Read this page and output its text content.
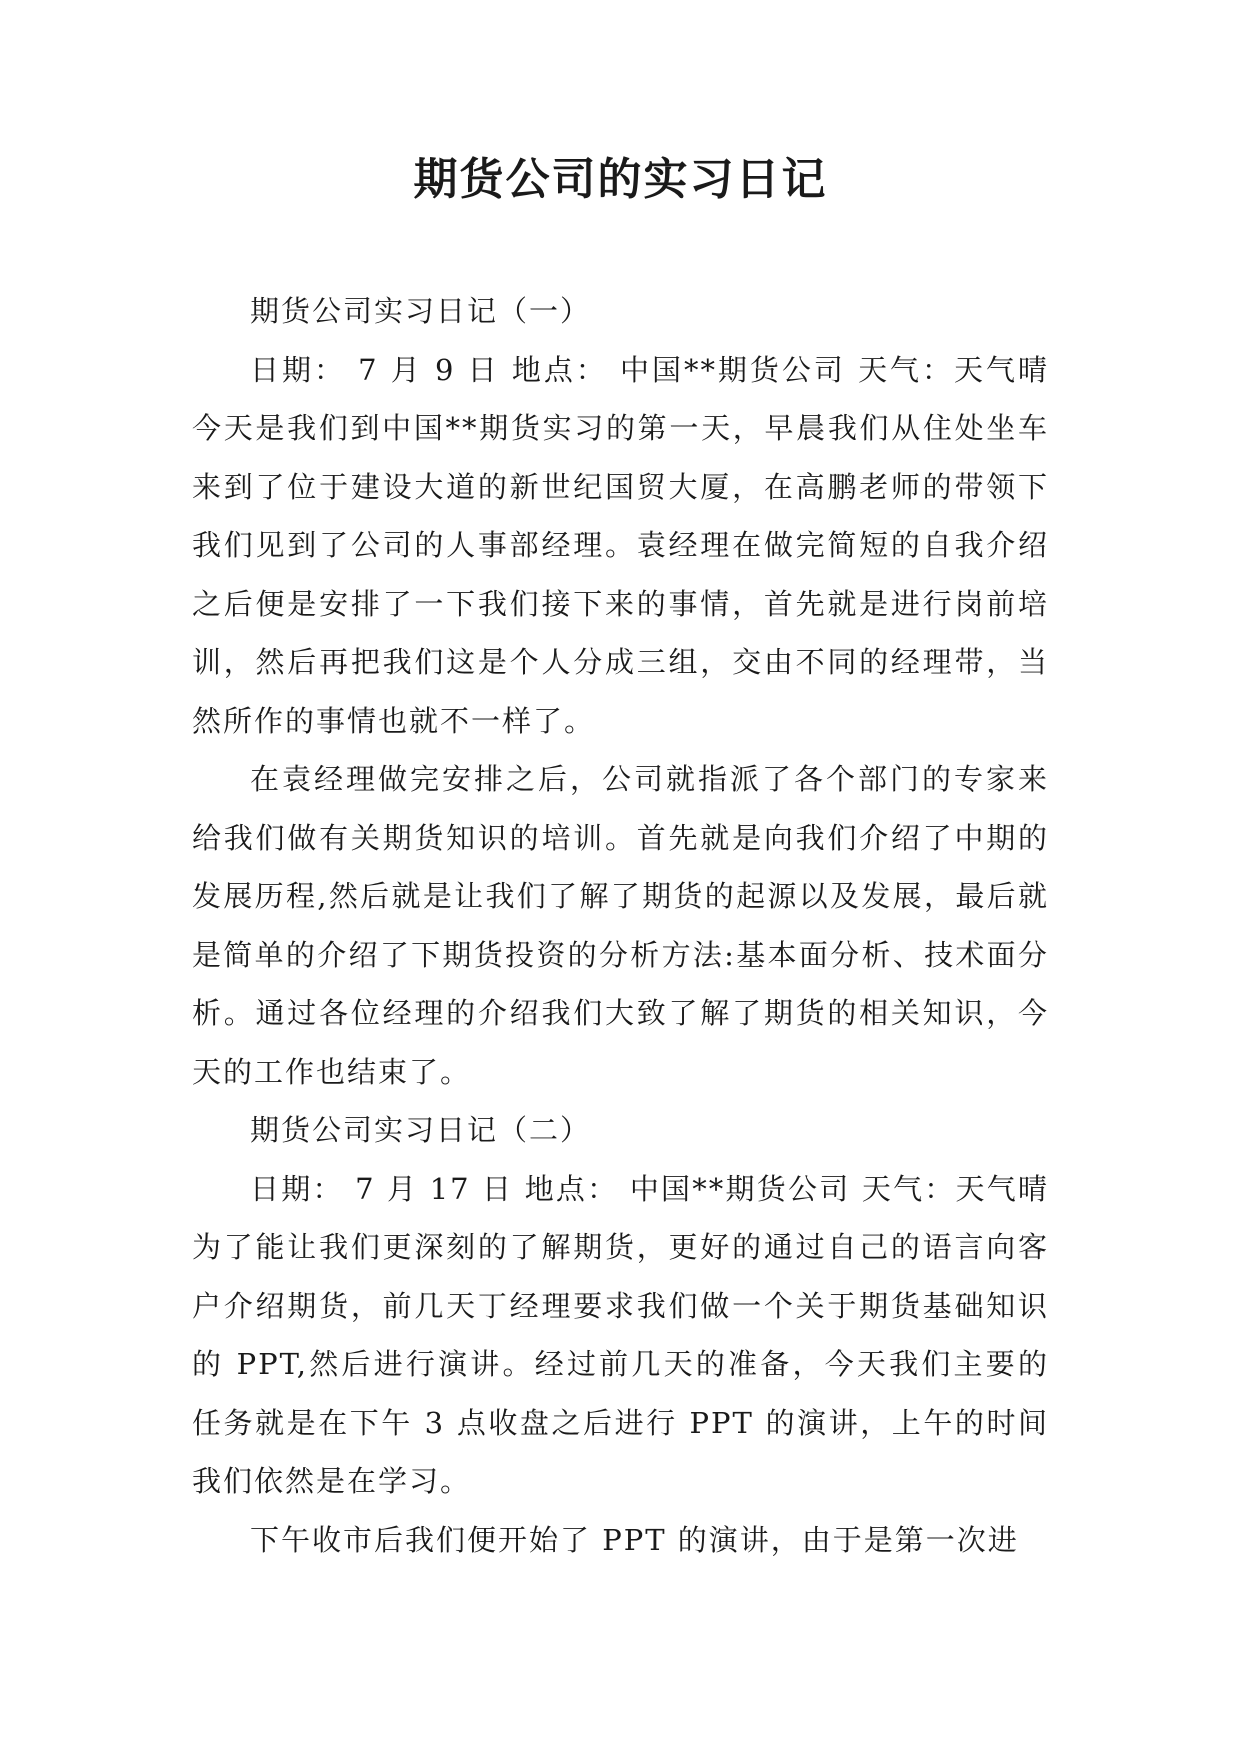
期货公司的实习日记

期货公司实习日记（一）

日期： 7 月 9 日 地点： 中国**期货公司 天气：天气晴今天是我们到中国**期货实习的第一天，早晨我们从住处坐车来到了位于建设大道的新世纪国贸大厦，在高鹏老师的带领下我们见到了公司的人事部经理。袁经理在做完简短的自我介绍之后便是安排了一下我们接下来的事情，首先就是进行岗前培训，然后再把我们这是个人分成三组，交由不同的经理带，当然所作的事情也就不一样了。

在袁经理做完安排之后，公司就指派了各个部门的专家来给我们做有关期货知识的培训。首先就是向我们介绍了中期的发展历程,然后就是让我们了解了期货的起源以及发展，最后就是简单的介绍了下期货投资的分析方法:基本面分析、技术面分析。通过各位经理的介绍我们大致了解了期货的相关知识，今天的工作也结束了。

期货公司实习日记（二）

日期： 7 月 17 日 地点： 中国**期货公司 天气：天气晴为了能让我们更深刻的了解期货，更好的通过自己的语言向客户介绍期货，前几天丁经理要求我们做一个关于期货基础知识的 PPT,然后进行演讲。经过前几天的准备，今天我们主要的任务就是在下午 3 点收盘之后进行 PPT 的演讲，上午的时间我们依然是在学习。

下午收市后我们便开始了 PPT 的演讲，由于是第一次进
